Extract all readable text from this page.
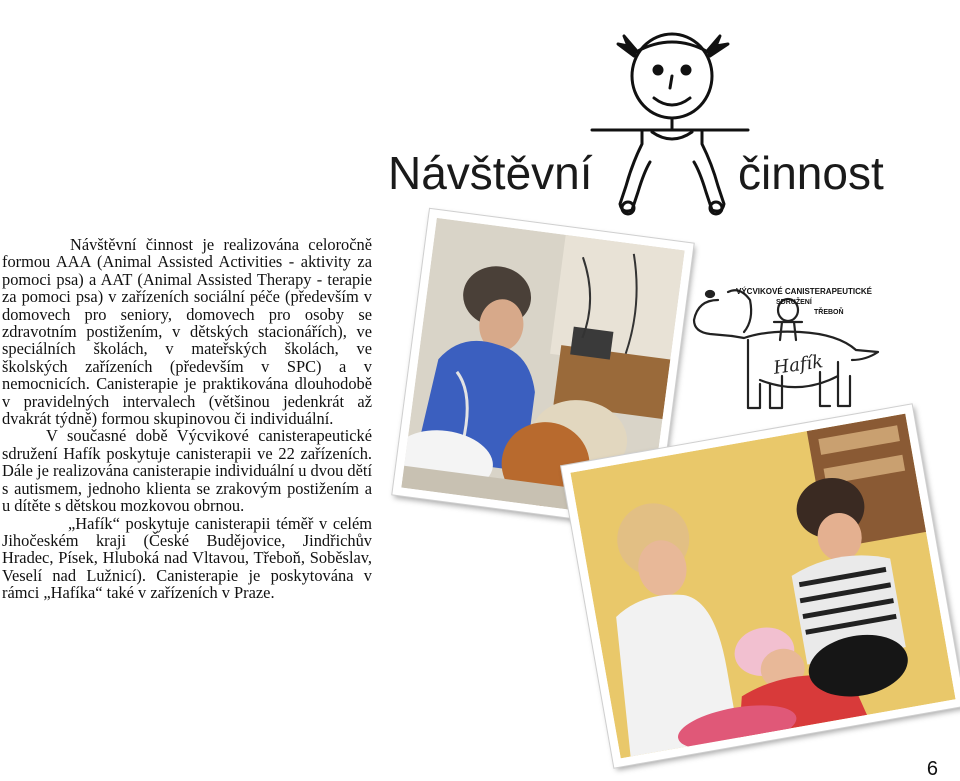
Návštěvní	činnost

Návštěvní činnost je realizována celoročně formou AAA (Animal Assisted Activities - aktivity za pomoci psa) a AAT (Animal Assisted Therapy - terapie za pomoci psa) v zařízeních sociální péče (především v domovech pro seniory, domovech pro osoby se zdravotním postižením, v dětských stacionářích), ve speciálních školách, v mateřských školách, ve školských zařízeních (především v SPC) a v nemocnicích. Canisterapie je praktikována dlouhodobě v pravidelných intervalech (většinou jedenkrát až dvakrát týdně) formou skupinovou či individuální.

V současné době Výcvikové canisterapeutické sdružení Hafík poskytuje canisterapii ve 22 zařízeních. Dále je realizována canisterapie individuální u dvou dětí s autismem, jednoho klienta se zrakovým postižením a u dítěte s dětskou mozkovou obrnou.

„Hafík“ poskytuje canisterapii téměř v celém Jihočeském kraji (České Budějovice, Jindřichův Hradec, Písek, Hluboká nad Vltavou, Třeboň, Soběslav, Veselí nad Lužnicí). Canisterapie je poskytována v rámci „Hafíka“ také v zařízeních v Praze.

VÝCVIKOVÉ CANISTERAPEUTICKÉ
SDRUŽENÍ
TŘEBOŇ
Hafík
6
